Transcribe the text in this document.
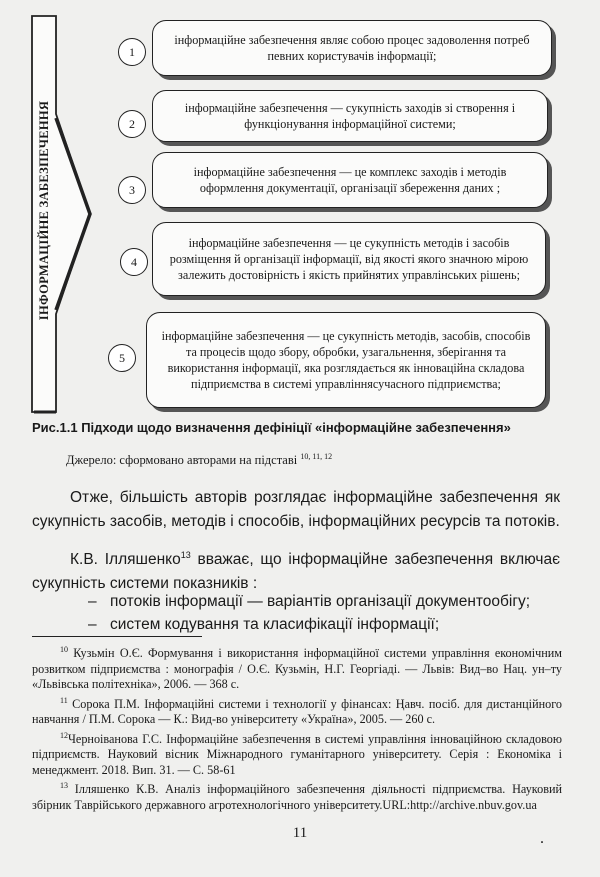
ІНФОРМАЦІЙНЕ ЗАБЕЗПЕЧЕННЯ
1
2
3
4
5
інформаційне забезпечення являє собою процес задоволення потреб певних користувачів інформації;
інформаційне забезпечення — сукупність заходів зі створення і функціонування інформаційної системи;
інформаційне забезпечення — це комплекс заходів і методів оформлення документації, організації збереження даних ;
інформаційне забезпечення — це сукупність методів і засобів розміщення й організації інформації, від якості якого значною мірою залежить достовірність і якість прийнятих управлінських рішень;
інформаційне забезпечення — це сукупність методів, засобів, способів та процесів щодо збору, обробки, узагальнення, зберігання та використання інформації, яка розглядається як інноваційна складова підприємства в системі управліннясучасного підприємства;
Рис.1.1 Підходи щодо визначення дефініції «інформаційне забезпечення»
Джерело: сформовано авторами на підставі $^{10, 11, 12}$
Отже, більшість авторів розглядає інформаційне забезпечення як сукупність засобів, методів і способів, інформаційних ресурсів та потоків.
К.В. Ілляшенко$^{13}$ вважає, що інформаційне забезпечення включає сукупність системи показників :
– потоків інформації — варіантів організації документообігу;
– систем кодування та класифікації інформації;

$^{10}$ Кузьмін О.Є. Формування і використання інформаційної системи управління економічним розвитком підприємства : монографія / О.Є. Кузьмін, Н.Г. Георгіаді. — Львів: Вид–во Нац. ун–ту «Львівська політехніка», 2006. — 368 с.

$^{11}$ Сорока П.М. Інформаційні системи і технології у фінансах: Ңавч. посіб. для дистанційного навчання / П.М. Сорока — К.: Вид-во університету «Україна», 2005. — 260 с.

$^{12}$Черноіванова Г.С. Інформаційне забезпечення в системі управління інноваційною складовою підприємств. Науковий вісник Міжнародного гуманітарного університету. Серія : Економіка і менеджмент. 2018. Вип. 31. — С. 58-61

$^{13}$ Ілляшенко К.В. Аналіз інформаційного забезпечення діяльності підприємства. Науковий збірник Таврійського державного агротехнологічного університету.URL:http://archive.nbuv.gov.ua

11	.
